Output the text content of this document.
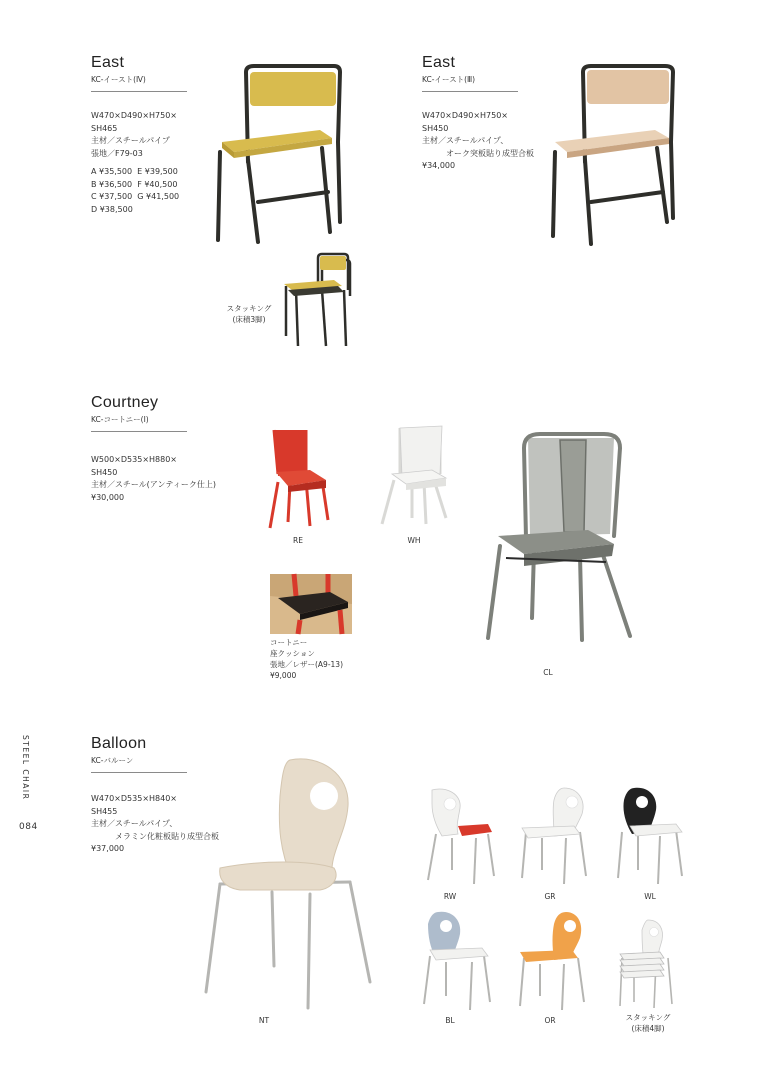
STEEL CHAIR
084
East
KC-イースト(Ⅳ)
W470×D490×H750×
SH465
主材／スチールパイプ
張地／F79-03
A ¥35,500  E ¥39,500
B ¥36,500  F ¥40,500
C ¥37,500  G ¥41,500
D ¥38,500
スタッキング
(床積3脚)
East
KC-イースト(Ⅲ)
W470×D490×H750×
SH450
主材／スチールパイプ、
　　　オーク突板貼り成型合板
¥34,000
Courtney
KC-コートニー(I)
W500×D535×H880×
SH450
主材／スチール(アンティーク仕上)
¥30,000
RE	WH
コートニー
座クッション
張地／レザー(A9-13)
¥9,000	CL
Balloon
KC-バルーン
W470×D535×H840×
SH455
主材／スチールパイプ、
　　　メラミン化粧板貼り成型合板
¥37,000
NT
RW	GR	WL
BL	OR	スタッキング
(床積4脚)
